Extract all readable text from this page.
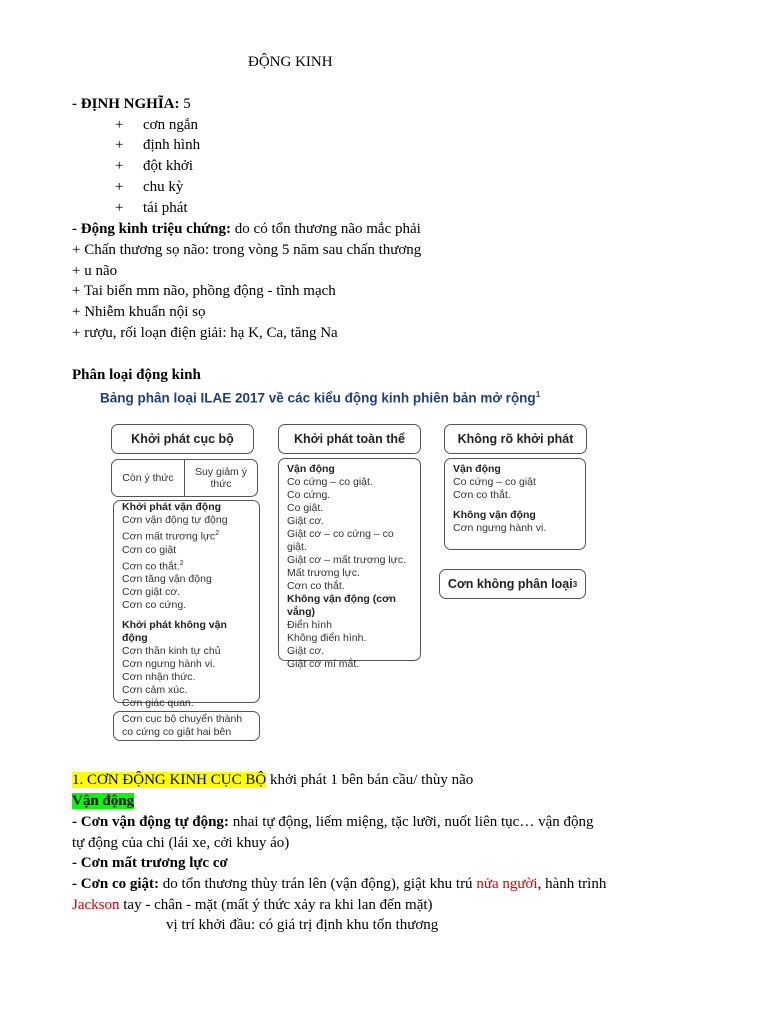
ĐỘNG KINH
- ĐỊNH NGHĨA: 5
+ cơn ngắn
+ định hình
+ đột khởi
+ chu kỳ
+ tái phát
- Động kinh triệu chứng: do có tổn thương não mắc phải
+ Chấn thương sọ não: trong vòng 5 năm sau chấn thương
+ u não
+ Tai biến mm não, phồng động - tĩnh mạch
+ Nhiễm khuẩn nội sọ
+ rượu, rối loạn điện giải: hạ K, Ca, tăng Na
Phân loại động kinh
Bảng phân loại ILAE 2017 về các kiểu động kinh phiên bản mở rộng$^1$
Khởi phát cục bộ
Còn ý thức	Suy giảm ý thức
Khởi phát vận động
Cơn vận động tự động
Cơn mất trương lực$^2$
Cơn co giật
Cơn co thắt.$^2$
Cơn tăng vận động
Cơn giật cơ.
Cơn co cứng.
Khởi phát không vận động
Cơn thần kinh tự chủ
Cơn ngưng hành vi.
Cơn nhận thức.
Cơn cảm xúc.
Cơn giác quan.
Cơn cục bộ chuyển thành co cứng co giật hai bên
Khởi phát toàn thể
Vận động
Co cứng – co giật.
Co cứng.
Co giật.
Giật cơ.
Giật cơ – co cứng – co giật.
Giật cơ – mất trương lực.
Mất trương lực.
Cơn co thắt.
Không vận động (cơn vắng)
Điển hình
Không điển hình.
Giật cơ.
Giật cơ mí mắt.
Không rõ khởi phát
Vận động
Co cứng – co giật
Cơn co thắt.
Không vận động
Cơn ngưng hành vi.
Cơn không phân loại 3
1. CƠN ĐỘNG KINH CỤC BỘ khởi phát 1 bên bán cầu/ thùy não
Vận động
- Cơn vận động tự động: nhai tự động, liếm miệng, tặc lưỡi, nuốt liên tục… vận động
tự động của chi (lái xe, cởi khuy áo)
- Cơn mất trương lực cơ
- Cơn co giật: do tổn thương thùy trán lên (vận động), giật khu trú nửa người, hành trình
Jackson tay - chân - mặt (mất ý thức xảy ra khi lan đến mặt)
vị trí khởi đầu: có giá trị định khu tổn thương
